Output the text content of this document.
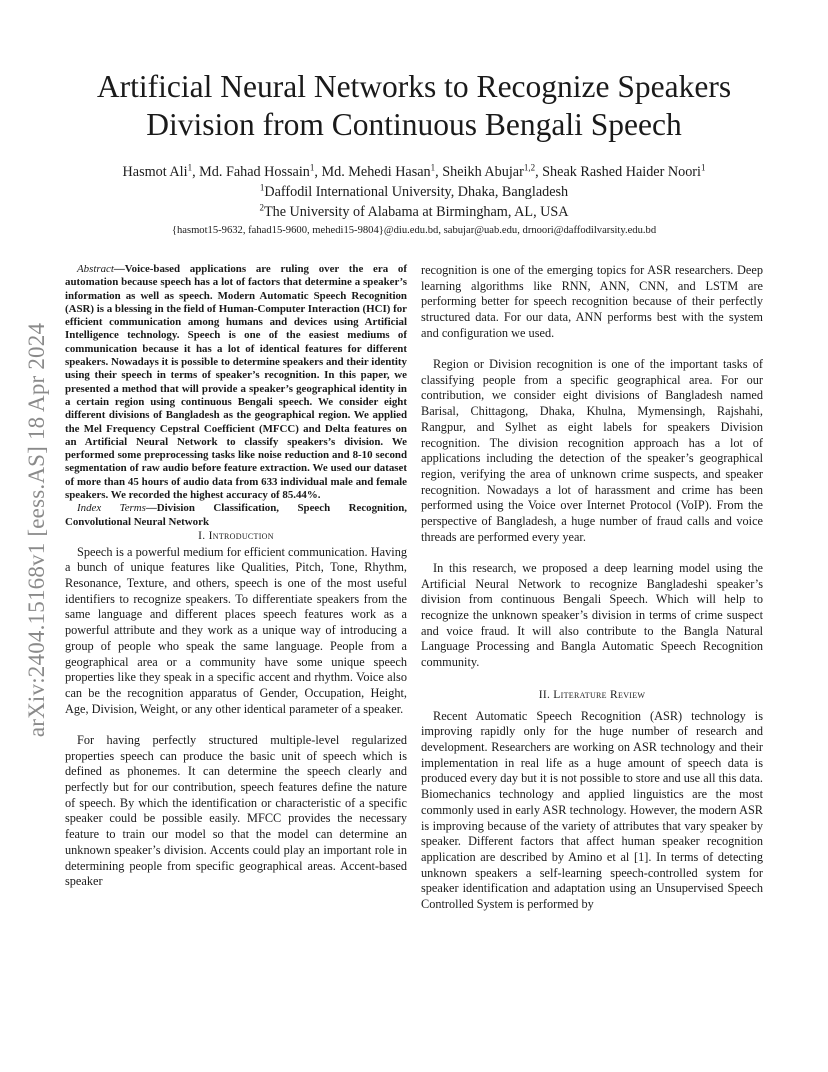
arXiv:2404.15168v1 [eess.AS] 18 Apr 2024
Artificial Neural Networks to Recognize Speakers
Division from Continuous Bengali Speech
Hasmot Ali$^1$, Md. Fahad Hossain$^1$, Md. Mehedi Hasan$^1$, Sheikh Abujar$^{1,2}$, Sheak Rashed Haider Noori$^1$
$^1$Daffodil International University, Dhaka, Bangladesh
$^2$The University of Alabama at Birmingham, AL, USA
{hasmot15-9632, fahad15-9600, mehedi15-9804}@diu.edu.bd, sabujar@uab.edu, drnoori@daffodilvarsity.edu.bd

Abstract—Voice-based applications are ruling over the era of automation because speech has a lot of factors that determine a speaker’s information as well as speech. Modern Automatic Speech Recognition (ASR) is a blessing in the field of Human-Computer Interaction (HCI) for efficient communication among humans and devices using Artificial Intelligence technology. Speech is one of the easiest mediums of communication because it has a lot of identical features for different speakers. Nowadays it is possible to determine speakers and their identity using their speech in terms of speaker’s recognition. In this paper, we presented a method that will provide a speaker’s geographical identity in a certain region using continuous Bengali speech. We consider eight different divisions of Bangladesh as the geographical region. We applied the Mel Frequency Cepstral Coefficient (MFCC) and Delta features on an Artificial Neural Network to classify speakers’s division. We performed some preprocessing tasks like noise reduction and 8-10 second segmentation of raw audio before feature extraction. We used our dataset of more than 45 hours of audio data from 633 individual male and female speakers. We recorded the highest accuracy of 85.44%.

Index Terms—Division Classification, Speech Recognition, Convolutional Neural Network

I. Introduction

Speech is a powerful medium for efficient communication. Having a bunch of unique features like Qualities, Pitch, Tone, Rhythm, Resonance, Texture, and others, speech is one of the most useful identifiers to recognize speakers. To differentiate speakers from the same language and different places speech features work as a powerful attribute and they work as a unique way of introducing a group of people who speak the same language. People from a geographical area or a community have some unique speech properties like they speak in a specific accent and rhythm. Voice also can be the recognition apparatus of Gender, Occupation, Height, Age, Division, Weight, or any other identical parameter of a speaker.

For having perfectly structured multiple-level regularized properties speech can produce the basic unit of speech which is defined as phonemes. It can determine the speech clearly and perfectly but for our contribution, speech features define the nature of speech. By which the identification or characteristic of a specific speaker could be possible easily. MFCC provides the necessary feature to train our model so that the model can determine an unknown speaker’s division. Accents could play an important role in determining people from specific geographical areas. Accent-based speaker

recognition is one of the emerging topics for ASR researchers. Deep learning algorithms like RNN, ANN, CNN, and LSTM are performing better for speech recognition because of their perfectly structured data. For our data, ANN performs best with the system and configuration we used.

Region or Division recognition is one of the important tasks of classifying people from a specific geographical area. For our contribution, we consider eight divisions of Bangladesh named Barisal, Chittagong, Dhaka, Khulna, Mymensingh, Rajshahi, Rangpur, and Sylhet as eight labels for speakers Division recognition. The division recognition approach has a lot of applications including the detection of the speaker’s geographical region, verifying the area of unknown crime suspects, and speaker recognition. Nowadays a lot of harassment and crime has been performed using the Voice over Internet Protocol (VoIP). From the perspective of Bangladesh, a huge number of fraud calls and voice threads are performed every year.

In this research, we proposed a deep learning model using the Artificial Neural Network to recognize Bangladeshi speaker’s division from continuous Bengali Speech. Which will help to recognize the unknown speaker’s division in terms of crime suspect and voice fraud. It will also contribute to the Bangla Natural Language Processing and Bangla Automatic Speech Recognition community.

II. Literature Review

Recent Automatic Speech Recognition (ASR) technology is improving rapidly only for the huge number of research and development. Researchers are working on ASR technology and their implementation in real life as a huge amount of speech data is produced every day but it is not possible to store and use all this data. Biomechanics technology and applied linguistics are the most commonly used in early ASR technology. However, the modern ASR is improving because of the variety of attributes that vary speaker by speaker. Different factors that affect human speaker recognition application are described by Amino et al [1]. In terms of detecting unknown speakers a self-learning speech-controlled system for speaker identification and adaptation using an Unsupervised Speech Controlled System is performed by
